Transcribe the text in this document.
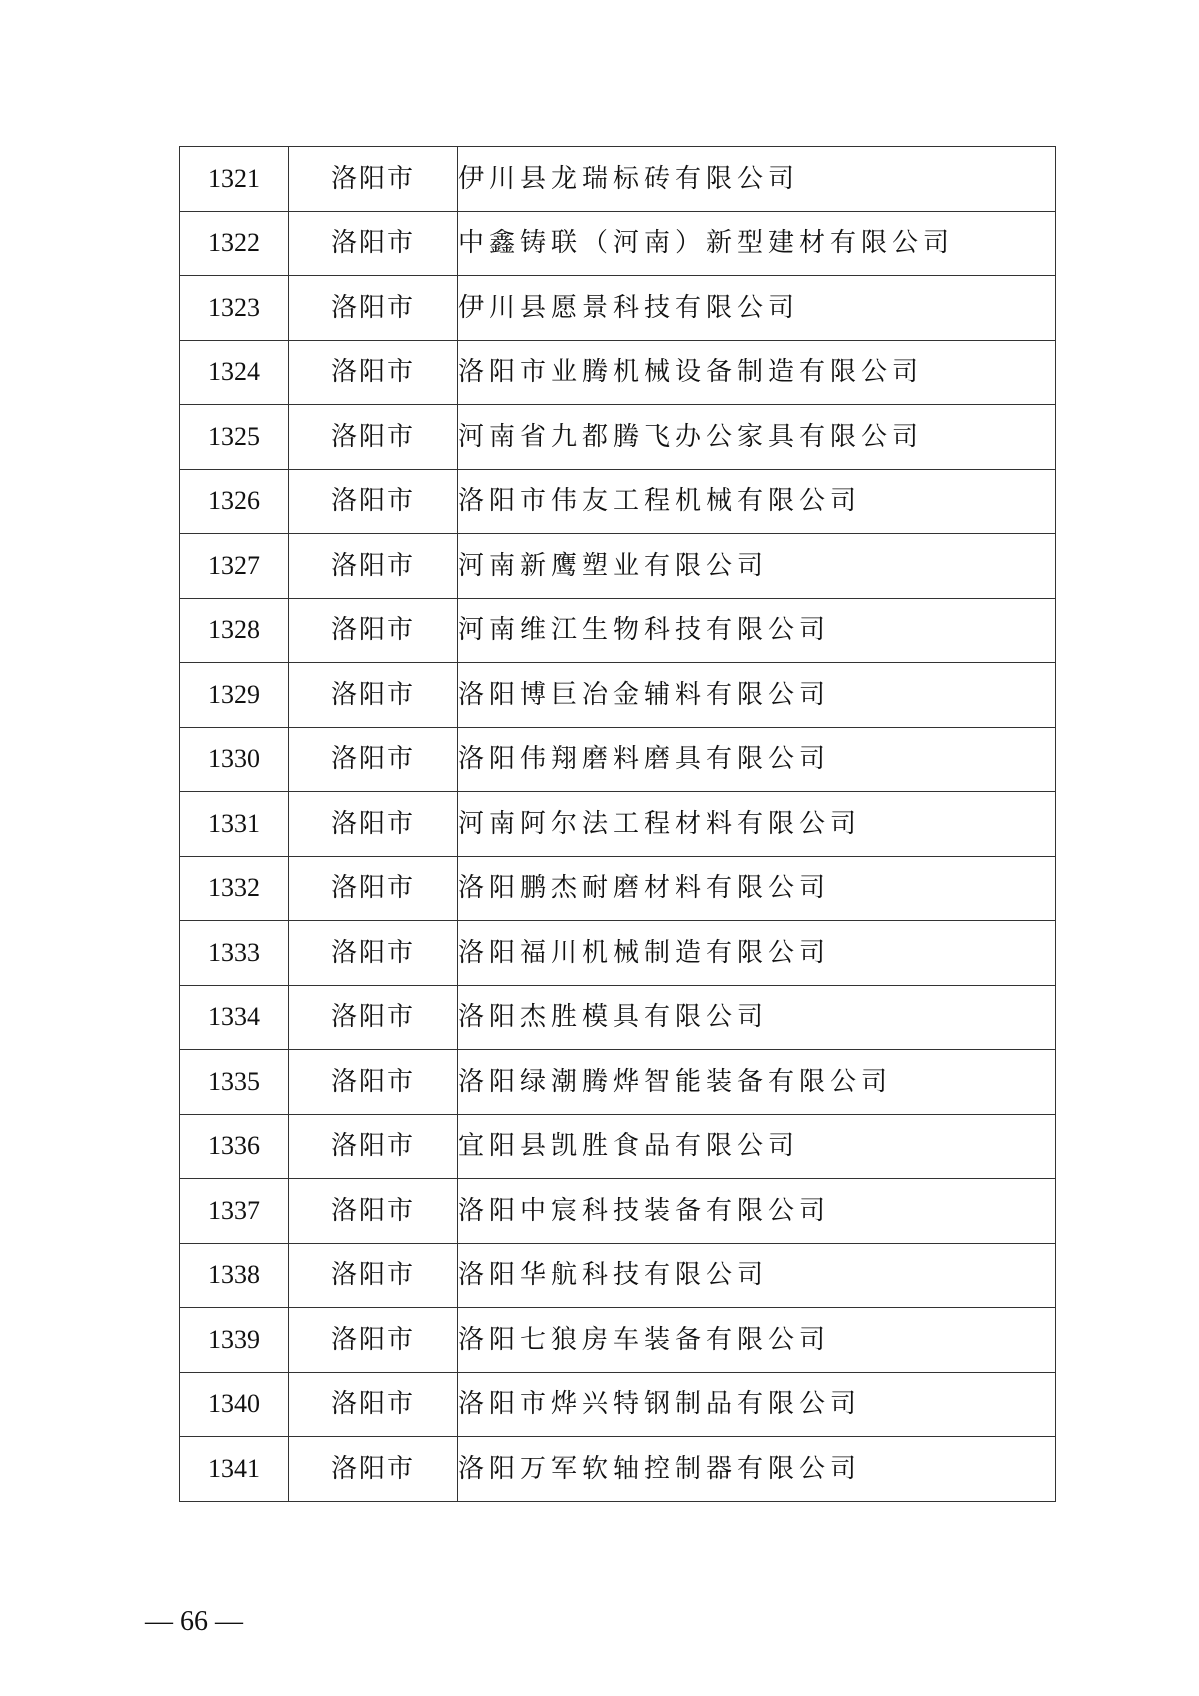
1321	洛阳市	伊川县龙瑞标砖有限公司
1322	洛阳市	中鑫铸联（河南）新型建材有限公司
1323	洛阳市	伊川县愿景科技有限公司
1324	洛阳市	洛阳市业腾机械设备制造有限公司
1325	洛阳市	河南省九都腾飞办公家具有限公司
1326	洛阳市	洛阳市伟友工程机械有限公司
1327	洛阳市	河南新鹰塑业有限公司
1328	洛阳市	河南维江生物科技有限公司
1329	洛阳市	洛阳博巨冶金辅料有限公司
1330	洛阳市	洛阳伟翔磨料磨具有限公司
1331	洛阳市	河南阿尔法工程材料有限公司
1332	洛阳市	洛阳鹏杰耐磨材料有限公司
1333	洛阳市	洛阳福川机械制造有限公司
1334	洛阳市	洛阳杰胜模具有限公司
1335	洛阳市	洛阳绿潮腾烨智能装备有限公司
1336	洛阳市	宜阳县凯胜食品有限公司
1337	洛阳市	洛阳中宸科技装备有限公司
1338	洛阳市	洛阳华航科技有限公司
1339	洛阳市	洛阳七狼房车装备有限公司
1340	洛阳市	洛阳市烨兴特钢制品有限公司
1341	洛阳市	洛阳万军软轴控制器有限公司
— 66 —
